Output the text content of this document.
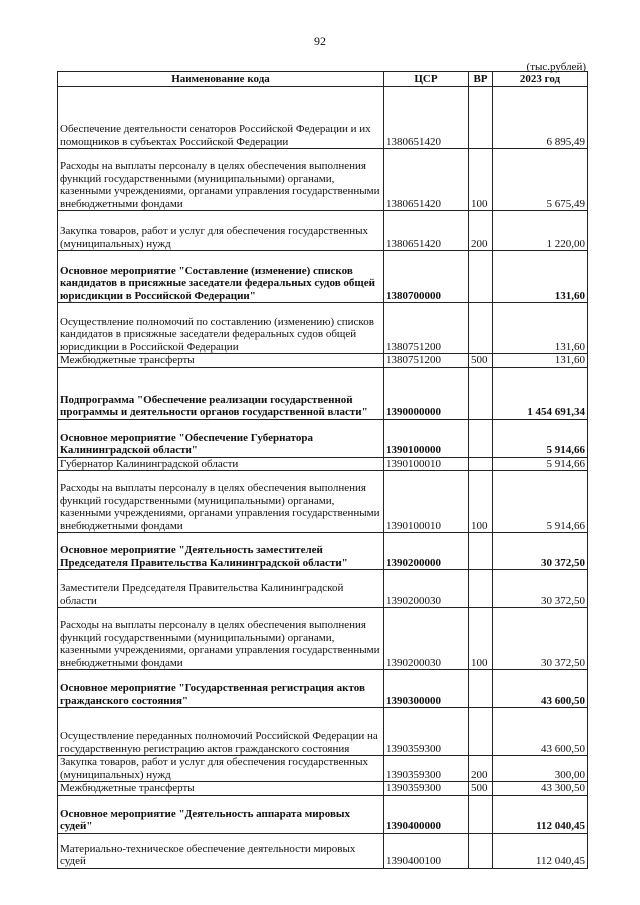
92
(тыс.рублей)
Наименование кода	ЦСР	ВР	2023 год
Обеспечение деятельности сенаторов Российской Федерации и их помощников в субъектах Российской Федерации	1380651420		6 895,49
Расходы на выплаты персоналу в целях обеспечения выполнения функций государственными (муниципальными) органами, казенными учреждениями, органами управления государственными внебюджетными фондами	1380651420	100	5 675,49
Закупка товаров, работ и услуг для обеспечения государственных (муниципальных) нужд	1380651420	200	1 220,00
Основное мероприятие "Составление (изменение) списков кандидатов в присяжные заседатели федеральных судов общей юрисдикции в Российской Федерации"	1380700000		131,60
Осуществление полномочий по составлению (изменению) списков кандидатов в присяжные заседатели федеральных судов общей юрисдикции в Российской Федерации	1380751200		131,60
Межбюджетные трансферты	1380751200	500	131,60
Подпрограмма "Обеспечение реализации государственной программы и деятельности органов государственной власти"	1390000000		1 454 691,34
Основное мероприятие "Обеспечение Губернатора Калининградской области"	1390100000		5 914,66
Губернатор Калининградской области	1390100010		5 914,66
Расходы на выплаты персоналу в целях обеспечения выполнения функций государственными (муниципальными) органами, казенными учреждениями, органами управления государственными внебюджетными фондами	1390100010	100	5 914,66
Основное мероприятие "Деятельность заместителей Председателя Правительства Калининградской области"	1390200000		30 372,50
Заместители Председателя Правительства Калининградской области	1390200030		30 372,50
Расходы на выплаты персоналу в целях обеспечения выполнения функций государственными (муниципальными) органами, казенными учреждениями, органами управления государственными внебюджетными фондами	1390200030	100	30 372,50
Основное мероприятие "Государственная регистрация актов гражданского состояния"	1390300000		43 600,50
Осуществление переданных полномочий Российской Федерации на государственную регистрацию актов гражданского состояния	1390359300		43 600,50
Закупка товаров, работ и услуг для обеспечения государственных (муниципальных) нужд	1390359300	200	300,00
Межбюджетные трансферты	1390359300	500	43 300,50
Основное мероприятие "Деятельность аппарата мировых судей"	1390400000		112 040,45
Материально-техническое обеспечение деятельности мировых судей	1390400100		112 040,45
